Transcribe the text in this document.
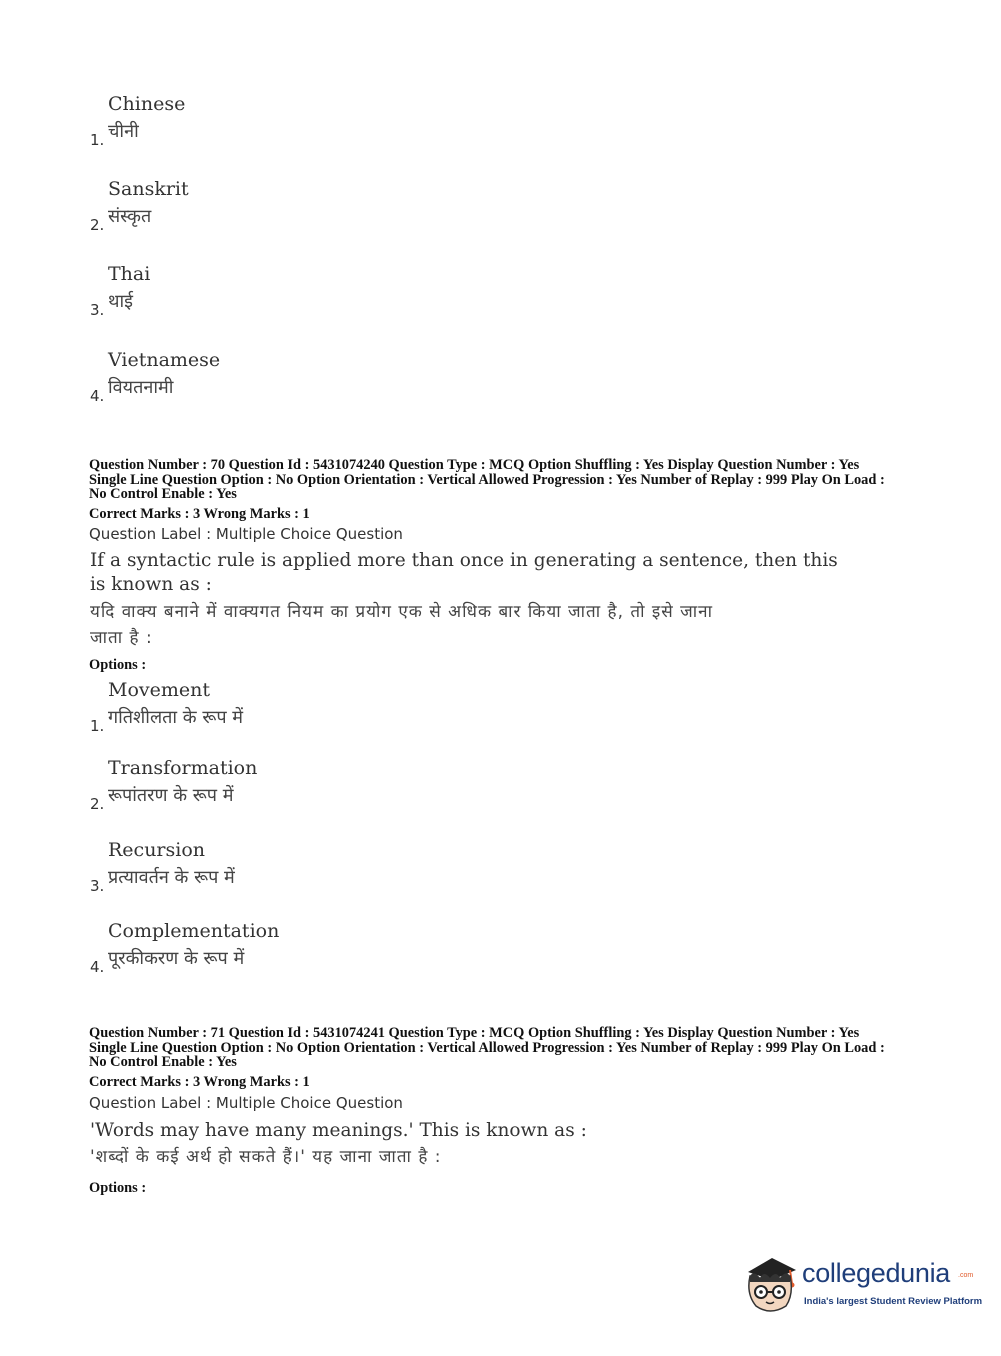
Chinese
चीनी
1.
Sanskrit
संस्कृत
2.
Thai
थाई
3.
Vietnamese
वियतनामी
4.
Question Number : 70 Question Id : 5431074240 Question Type : MCQ Option Shuffling : Yes Display Question Number : Yes
Single Line Question Option : No Option Orientation : Vertical Allowed Progression : Yes Number of Replay : 999 Play On Load :
No Control Enable : Yes
Correct Marks : 3 Wrong Marks : 1
Question Label : Multiple Choice Question
If a syntactic rule is applied more than once in generating a sentence, then this
is known as :
यदि वाक्य बनाने में वाक्यगत नियम का प्रयोग एक से अधिक बार किया जाता है, तो इसे जाना
जाता है :
Options :
Movement
गतिशीलता के रूप में
1.
Transformation
रूपांतरण के रूप में
2.
Recursion
प्रत्यावर्तन के रूप में
3.
Complementation
पूरकीकरण के रूप में
4.
Question Number : 71 Question Id : 5431074241 Question Type : MCQ Option Shuffling : Yes Display Question Number : Yes
Single Line Question Option : No Option Orientation : Vertical Allowed Progression : Yes Number of Replay : 999 Play On Load :
No Control Enable : Yes
Correct Marks : 3 Wrong Marks : 1
Question Label : Multiple Choice Question
'Words may have many meanings.' This is known as :
'शब्दों के कई अर्थ हो सकते हैं।' यह जाना जाता है :
Options :
collegedunia .com
India's largest Student Review Platform
